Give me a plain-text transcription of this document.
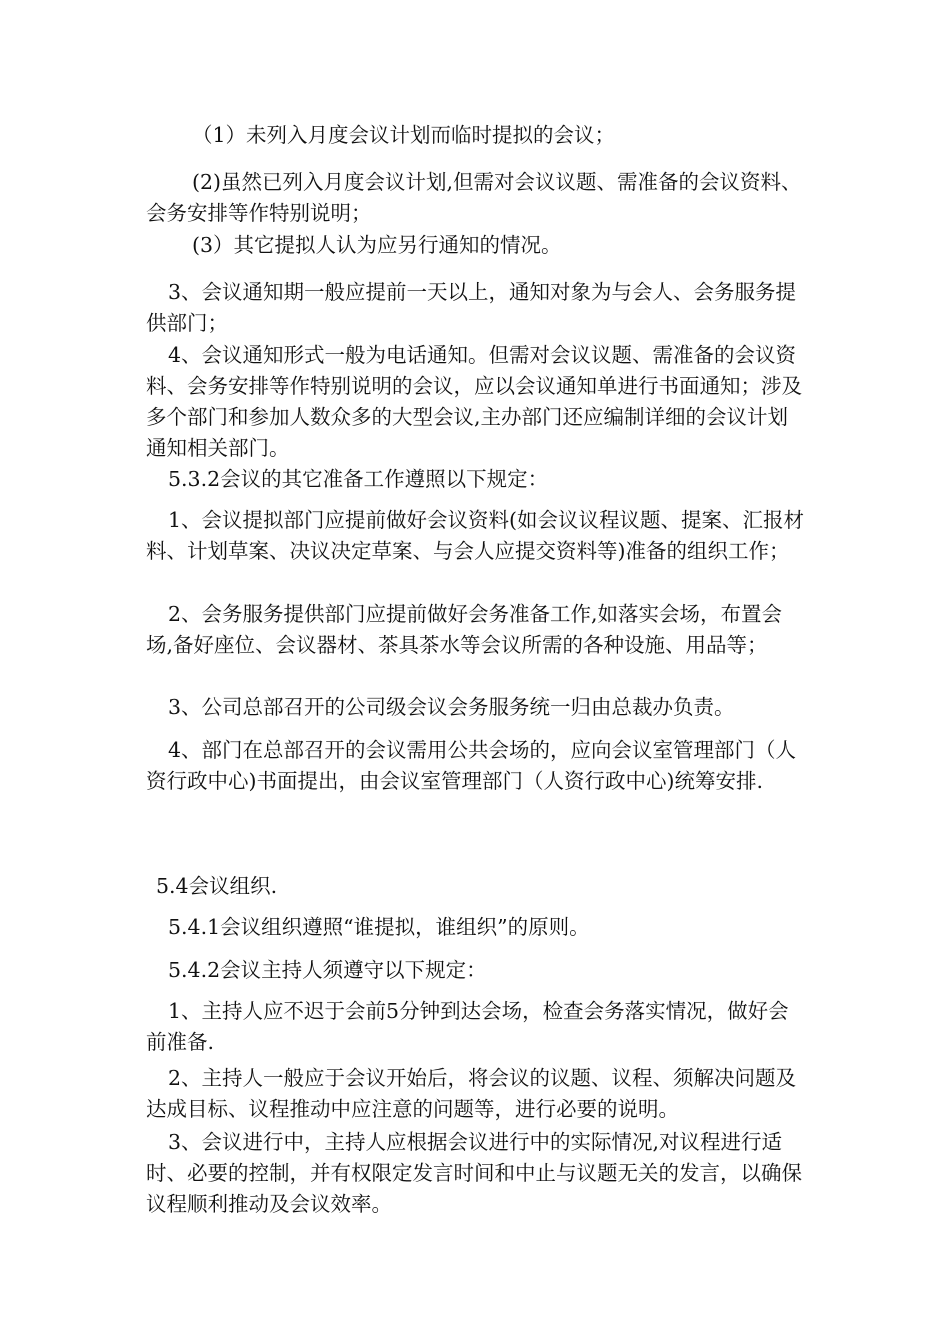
（1）未列入月度会议计划而临时提拟的会议；

(2)虽然已列入月度会议计划,但需对会议议题、需准备的会议资料、会务安排等作特别说明；

(3）其它提拟人认为应另行通知的情况。

3、会议通知期一般应提前一天以上，通知对象为与会人、会务服务提供部门；

4、会议通知形式一般为电话通知。但需对会议议题、需准备的会议资料、会务安排等作特别说明的会议，应以会议通知单进行书面通知；涉及多个部门和参加人数众多的大型会议,主办部门还应编制详细的会议计划通知相关部门。

5.3.2会议的其它准备工作遵照以下规定：

1、会议提拟部门应提前做好会议资料(如会议议程议题、提案、汇报材料、计划草案、决议决定草案、与会人应提交资料等)准备的组织工作；

2、会务服务提供部门应提前做好会务准备工作,如落实会场，布置会场,备好座位、会议器材、茶具茶水等会议所需的各种设施、用品等；

3、公司总部召开的公司级会议会务服务统一归由总裁办负责。

4、部门在总部召开的会议需用公共会场的，应向会议室管理部门（人资行政中心)书面提出，由会议室管理部门（人资行政中心)统筹安排.

5.4会议组织.

5.4.1会议组织遵照“谁提拟，谁组织”的原则。

5.4.2会议主持人须遵守以下规定：

1、主持人应不迟于会前5分钟到达会场，检查会务落实情况，做好会前准备.

2、主持人一般应于会议开始后，将会议的议题、议程、须解决问题及达成目标、议程推动中应注意的问题等，进行必要的说明。

3、会议进行中，主持人应根据会议进行中的实际情况,对议程进行适时、必要的控制，并有权限定发言时间和中止与议题无关的发言，以确保议程顺利推动及会议效率。
